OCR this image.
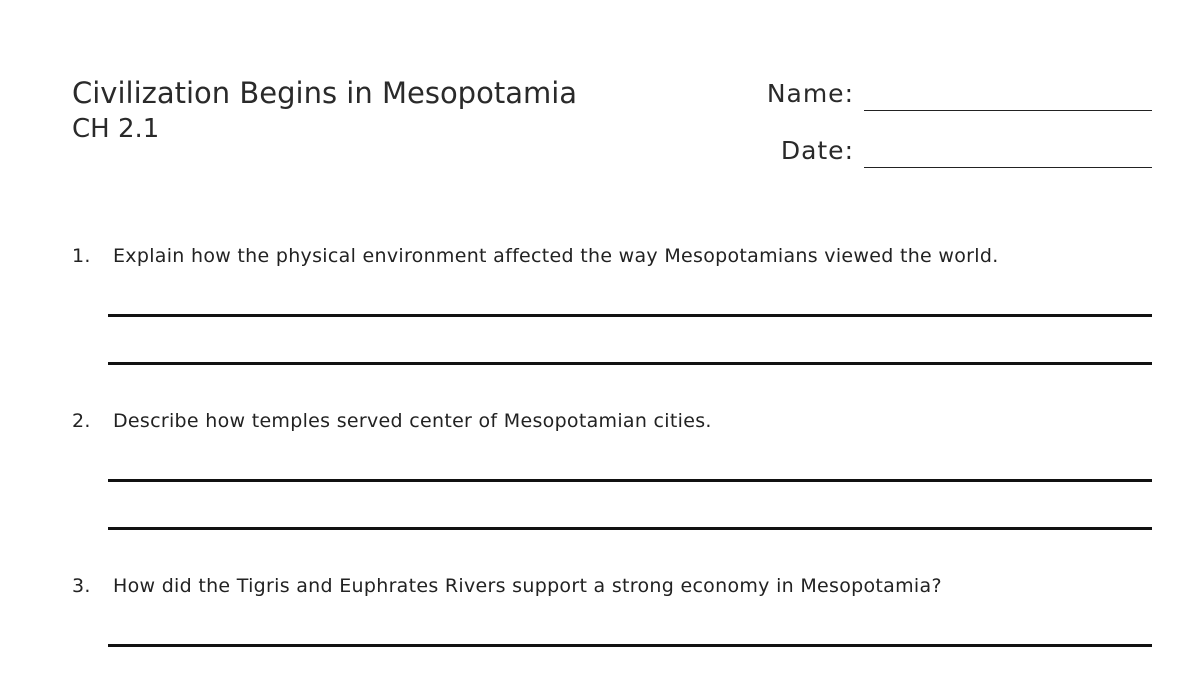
Civilization Begins in Mesopotamia
CH 2.1
Name:
Date:
1.	Explain how the physical environment affected the way Mesopotamians viewed the world.
2.	Describe how temples served center of Mesopotamian cities.
3.	How did the Tigris and Euphrates Rivers support a strong economy in Mesopotamia?
